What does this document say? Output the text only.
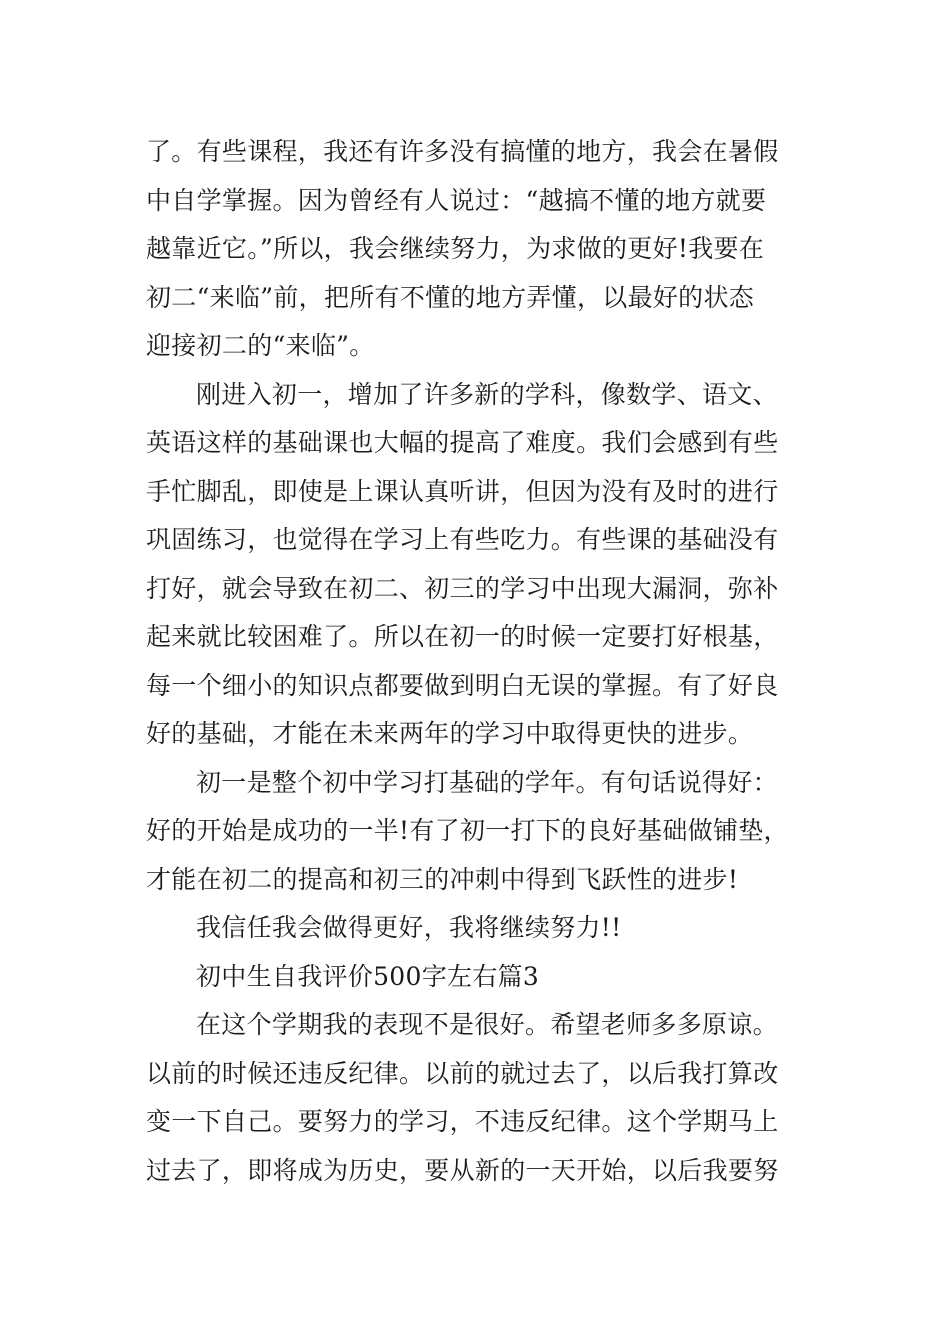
了。有些课程，我还有许多没有搞懂的地方，我会在暑假
中自学掌握。因为曾经有人说过：“越搞不懂的地方就要
越靠近它。”所以，我会继续努力，为求做的更好!我要在
初二“来临”前，把所有不懂的地方弄懂，以最好的状态
迎接初二的“来临”。
刚进入初一，增加了许多新的学科，像数学、语文、
英语这样的基础课也大幅的提高了难度。我们会感到有些
手忙脚乱，即使是上课认真听讲，但因为没有及时的进行
巩固练习，也觉得在学习上有些吃力。有些课的基础没有
打好，就会导致在初二、初三的学习中出现大漏洞，弥补
起来就比较困难了。所以在初一的时候一定要打好根基，
每一个细小的知识点都要做到明白无误的掌握。有了好良
好的基础，才能在未来两年的学习中取得更快的进步。
初一是整个初中学习打基础的学年。有句话说得好：
好的开始是成功的一半!有了初一打下的良好基础做铺垫，
才能在初二的提高和初三的冲刺中得到飞跃性的进步!
我信任我会做得更好，我将继续努力!!
初中生自我评价500字左右篇3
在这个学期我的表现不是很好。希望老师多多原谅。
以前的时候还违反纪律。以前的就过去了，以后我打算改
变一下自己。要努力的学习，不违反纪律。这个学期马上
过去了，即将成为历史，要从新的一天开始，以后我要努
